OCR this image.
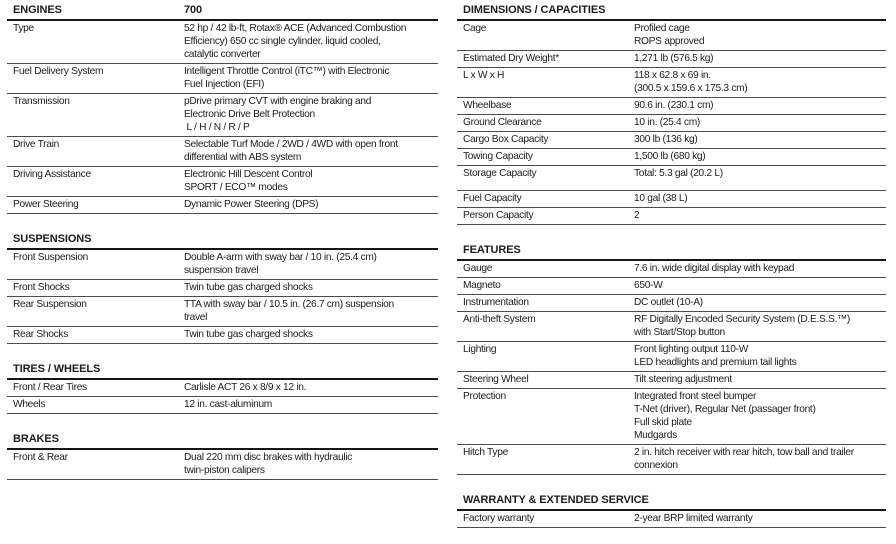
ENGINES	700
Type	52 hp / 42 lb-ft, Rotax® ACE (Advanced Combustion
Efficiency) 650 cc single cylinder, liquid cooled,
catalytic converter
Fuel Delivery System	Intelligent Throttle Control (iTC™) with Electronic
Fuel Injection (EFI)
Transmission	pDrive primary CVT with engine braking and
Electronic Drive Belt Protection
L / H / N / R / P
Drive Train	Selectable Turf Mode / 2WD / 4WD with open front
differential with ABS system
Driving Assistance	Electronic Hill Descent Control
SPORT / ECO™ modes
Power Steering	Dynamic Power Steering (DPS)
SUSPENSIONS
Front Suspension	Double A-arm with sway bar / 10 in. (25.4 cm)
suspension travel
Front Shocks	Twin tube gas charged shocks
Rear Suspension	TTA with sway bar / 10.5 in. (26.7 cm) suspension
travel
Rear Shocks	Twin tube gas charged shocks
TIRES / WHEELS
Front / Rear Tires	Carlisle ACT 26 x 8/9 x 12 in.
Wheels	12 in. cast-aluminum
BRAKES
Front & Rear	Dual 220 mm disc brakes with hydraulic
twin-piston calipers
DIMENSIONS / CAPACITIES
Cage	Profiled cage
ROPS approved
Estimated Dry Weight*	1,271 lb (576.5 kg)
L x W x H	118 x 62.8 x 69 in.
(300.5 x 159.6 x 175.3 cm)
Wheelbase	90.6 in. (230.1 cm)
Ground Clearance	10 in. (25.4 cm)
Cargo Box Capacity	300 lb (136 kg)
Towing Capacity	1,500 lb (680 kg)
Storage Capacity	Total: 5.3 gal (20.2 L)
Fuel Capacity	10 gal (38 L)
Person Capacity	2
FEATURES
Gauge	7.6 in. wide digital display with keypad
Magneto	650-W
Instrumentation	DC outlet (10-A)
Anti-theft System	RF Digitally Encoded Security System (D.E.S.S.™)
with Start/Stop button
Lighting	Front lighting output 110-W
LED headlights and premium tail lights
Steering Wheel	Tilt steering adjustment
Protection	Integrated front steel bumper
T-Net (driver), Regular Net (passager front)
Full skid plate
Mudgards
Hitch Type	2 in. hitch receiver with rear hitch, tow ball and trailer
connexion
WARRANTY & EXTENDED SERVICE
Factory warranty	2-year BRP limited warranty
